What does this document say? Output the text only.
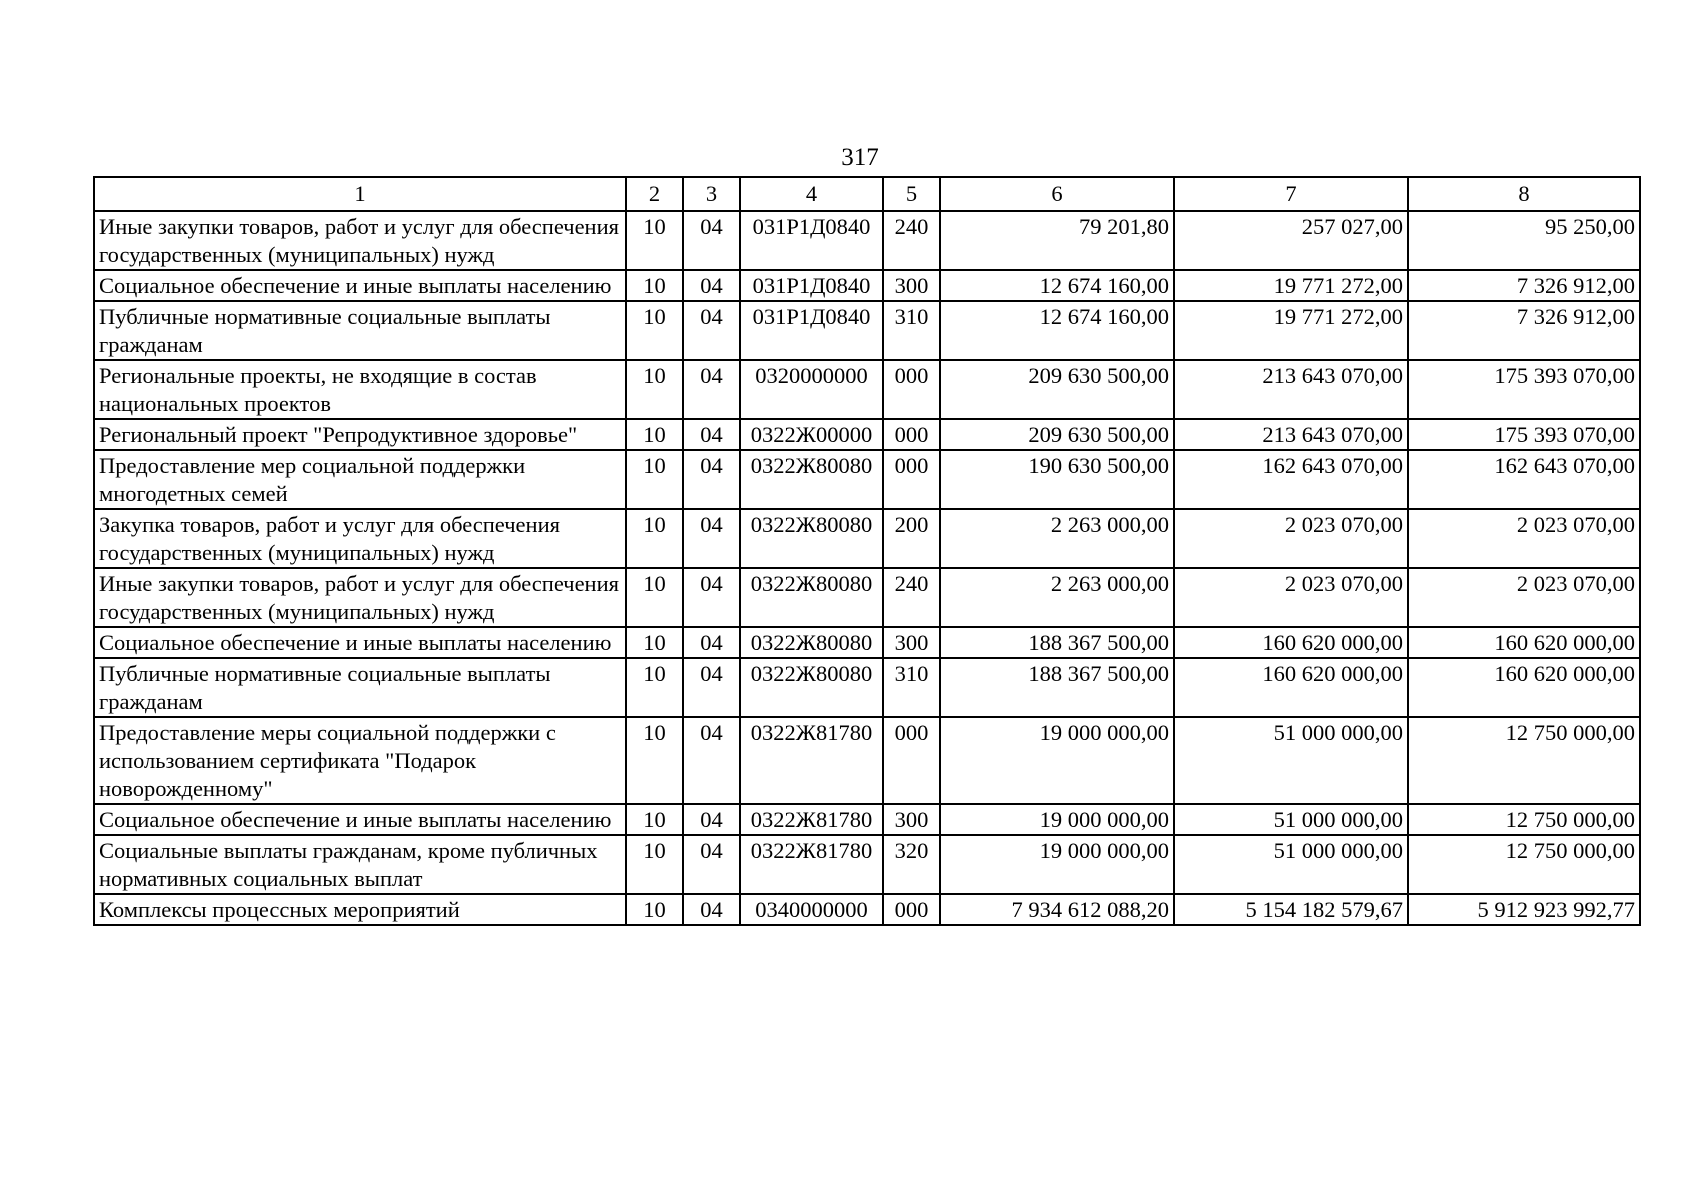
317
1	2	3	4	5	6	7	8
Иные закупки товаров, работ и услуг для обеспечения государственных (муниципальных) нужд	10	04	031Р1Д0840	240	79 201,80	257 027,00	95 250,00
Социальное обеспечение и иные выплаты населению	10	04	031Р1Д0840	300	12 674 160,00	19 771 272,00	7 326 912,00
Публичные нормативные социальные выплаты гражданам	10	04	031Р1Д0840	310	12 674 160,00	19 771 272,00	7 326 912,00
Региональные проекты, не входящие в состав национальных проектов	10	04	0320000000	000	209 630 500,00	213 643 070,00	175 393 070,00
Региональный проект "Репродуктивное здоровье"	10	04	0322Ж00000	000	209 630 500,00	213 643 070,00	175 393 070,00
Предоставление мер социальной поддержки многодетных семей	10	04	0322Ж80080	000	190 630 500,00	162 643 070,00	162 643 070,00
Закупка товаров, работ и услуг для обеспечения государственных (муниципальных) нужд	10	04	0322Ж80080	200	2 263 000,00	2 023 070,00	2 023 070,00
Иные закупки товаров, работ и услуг для обеспечения государственных (муниципальных) нужд	10	04	0322Ж80080	240	2 263 000,00	2 023 070,00	2 023 070,00
Социальное обеспечение и иные выплаты населению	10	04	0322Ж80080	300	188 367 500,00	160 620 000,00	160 620 000,00
Публичные нормативные социальные выплаты гражданам	10	04	0322Ж80080	310	188 367 500,00	160 620 000,00	160 620 000,00
Предоставление меры социальной поддержки с использованием сертификата "Подарок новорожденному"	10	04	0322Ж81780	000	19 000 000,00	51 000 000,00	12 750 000,00
Социальное обеспечение и иные выплаты населению	10	04	0322Ж81780	300	19 000 000,00	51 000 000,00	12 750 000,00
Социальные выплаты гражданам, кроме публичных нормативных социальных выплат	10	04	0322Ж81780	320	19 000 000,00	51 000 000,00	12 750 000,00
Комплексы процессных мероприятий	10	04	0340000000	000	7 934 612 088,20	5 154 182 579,67	5 912 923 992,77
